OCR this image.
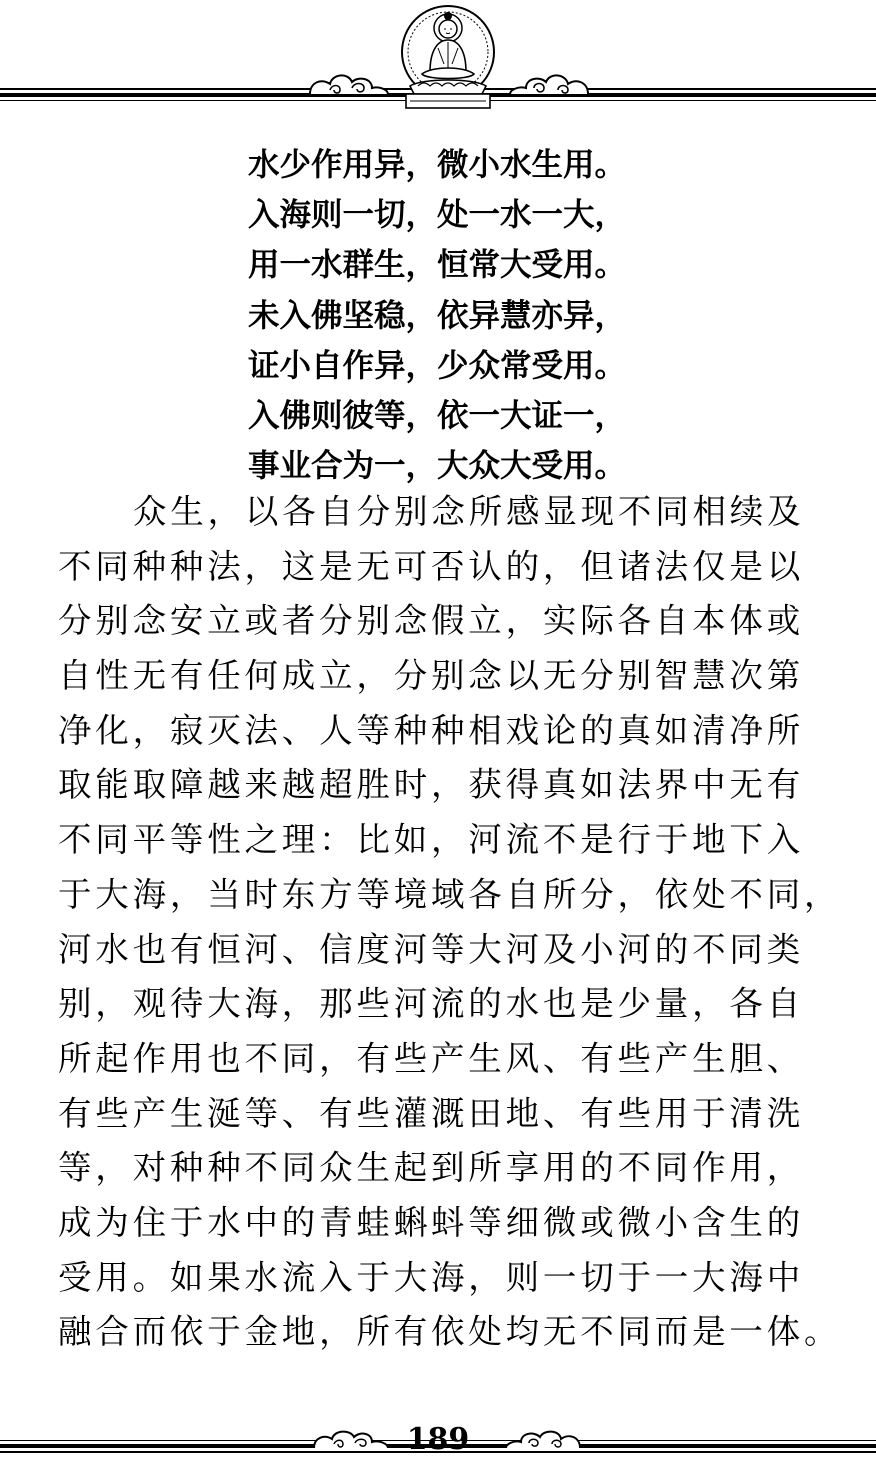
水少作用异，微小水生用。
入海则一切，处一水一大，
用一水群生，恒常大受用。
未入佛坚稳，依异慧亦异，
证小自作异，少众常受用。
入佛则彼等，依一大证一，
事业合为一，大众大受用。
众生，以各自分别念所感显现不同相续及
不同种种法，这是无可否认的，但诸法仅是以
分别念安立或者分别念假立，实际各自本体或
自性无有任何成立，分别念以无分别智慧次第
净化，寂灭法、人等种种相戏论的真如清净所
取能取障越来越超胜时，获得真如法界中无有
不同平等性之理：比如，河流不是行于地下入
于大海，当时东方等境域各自所分，依处不同，
河水也有恒河、信度河等大河及小河的不同类
别，观待大海，那些河流的水也是少量，各自
所起作用也不同，有些产生风、有些产生胆、
有些产生涎等、有些灌溉田地、有些用于清洗
等，对种种不同众生起到所享用的不同作用，
成为住于水中的青蛙蝌蚪等细微或微小含生的
受用。如果水流入于大海，则一切于一大海中
融合而依于金地，所有依处均无不同而是一体。
189
